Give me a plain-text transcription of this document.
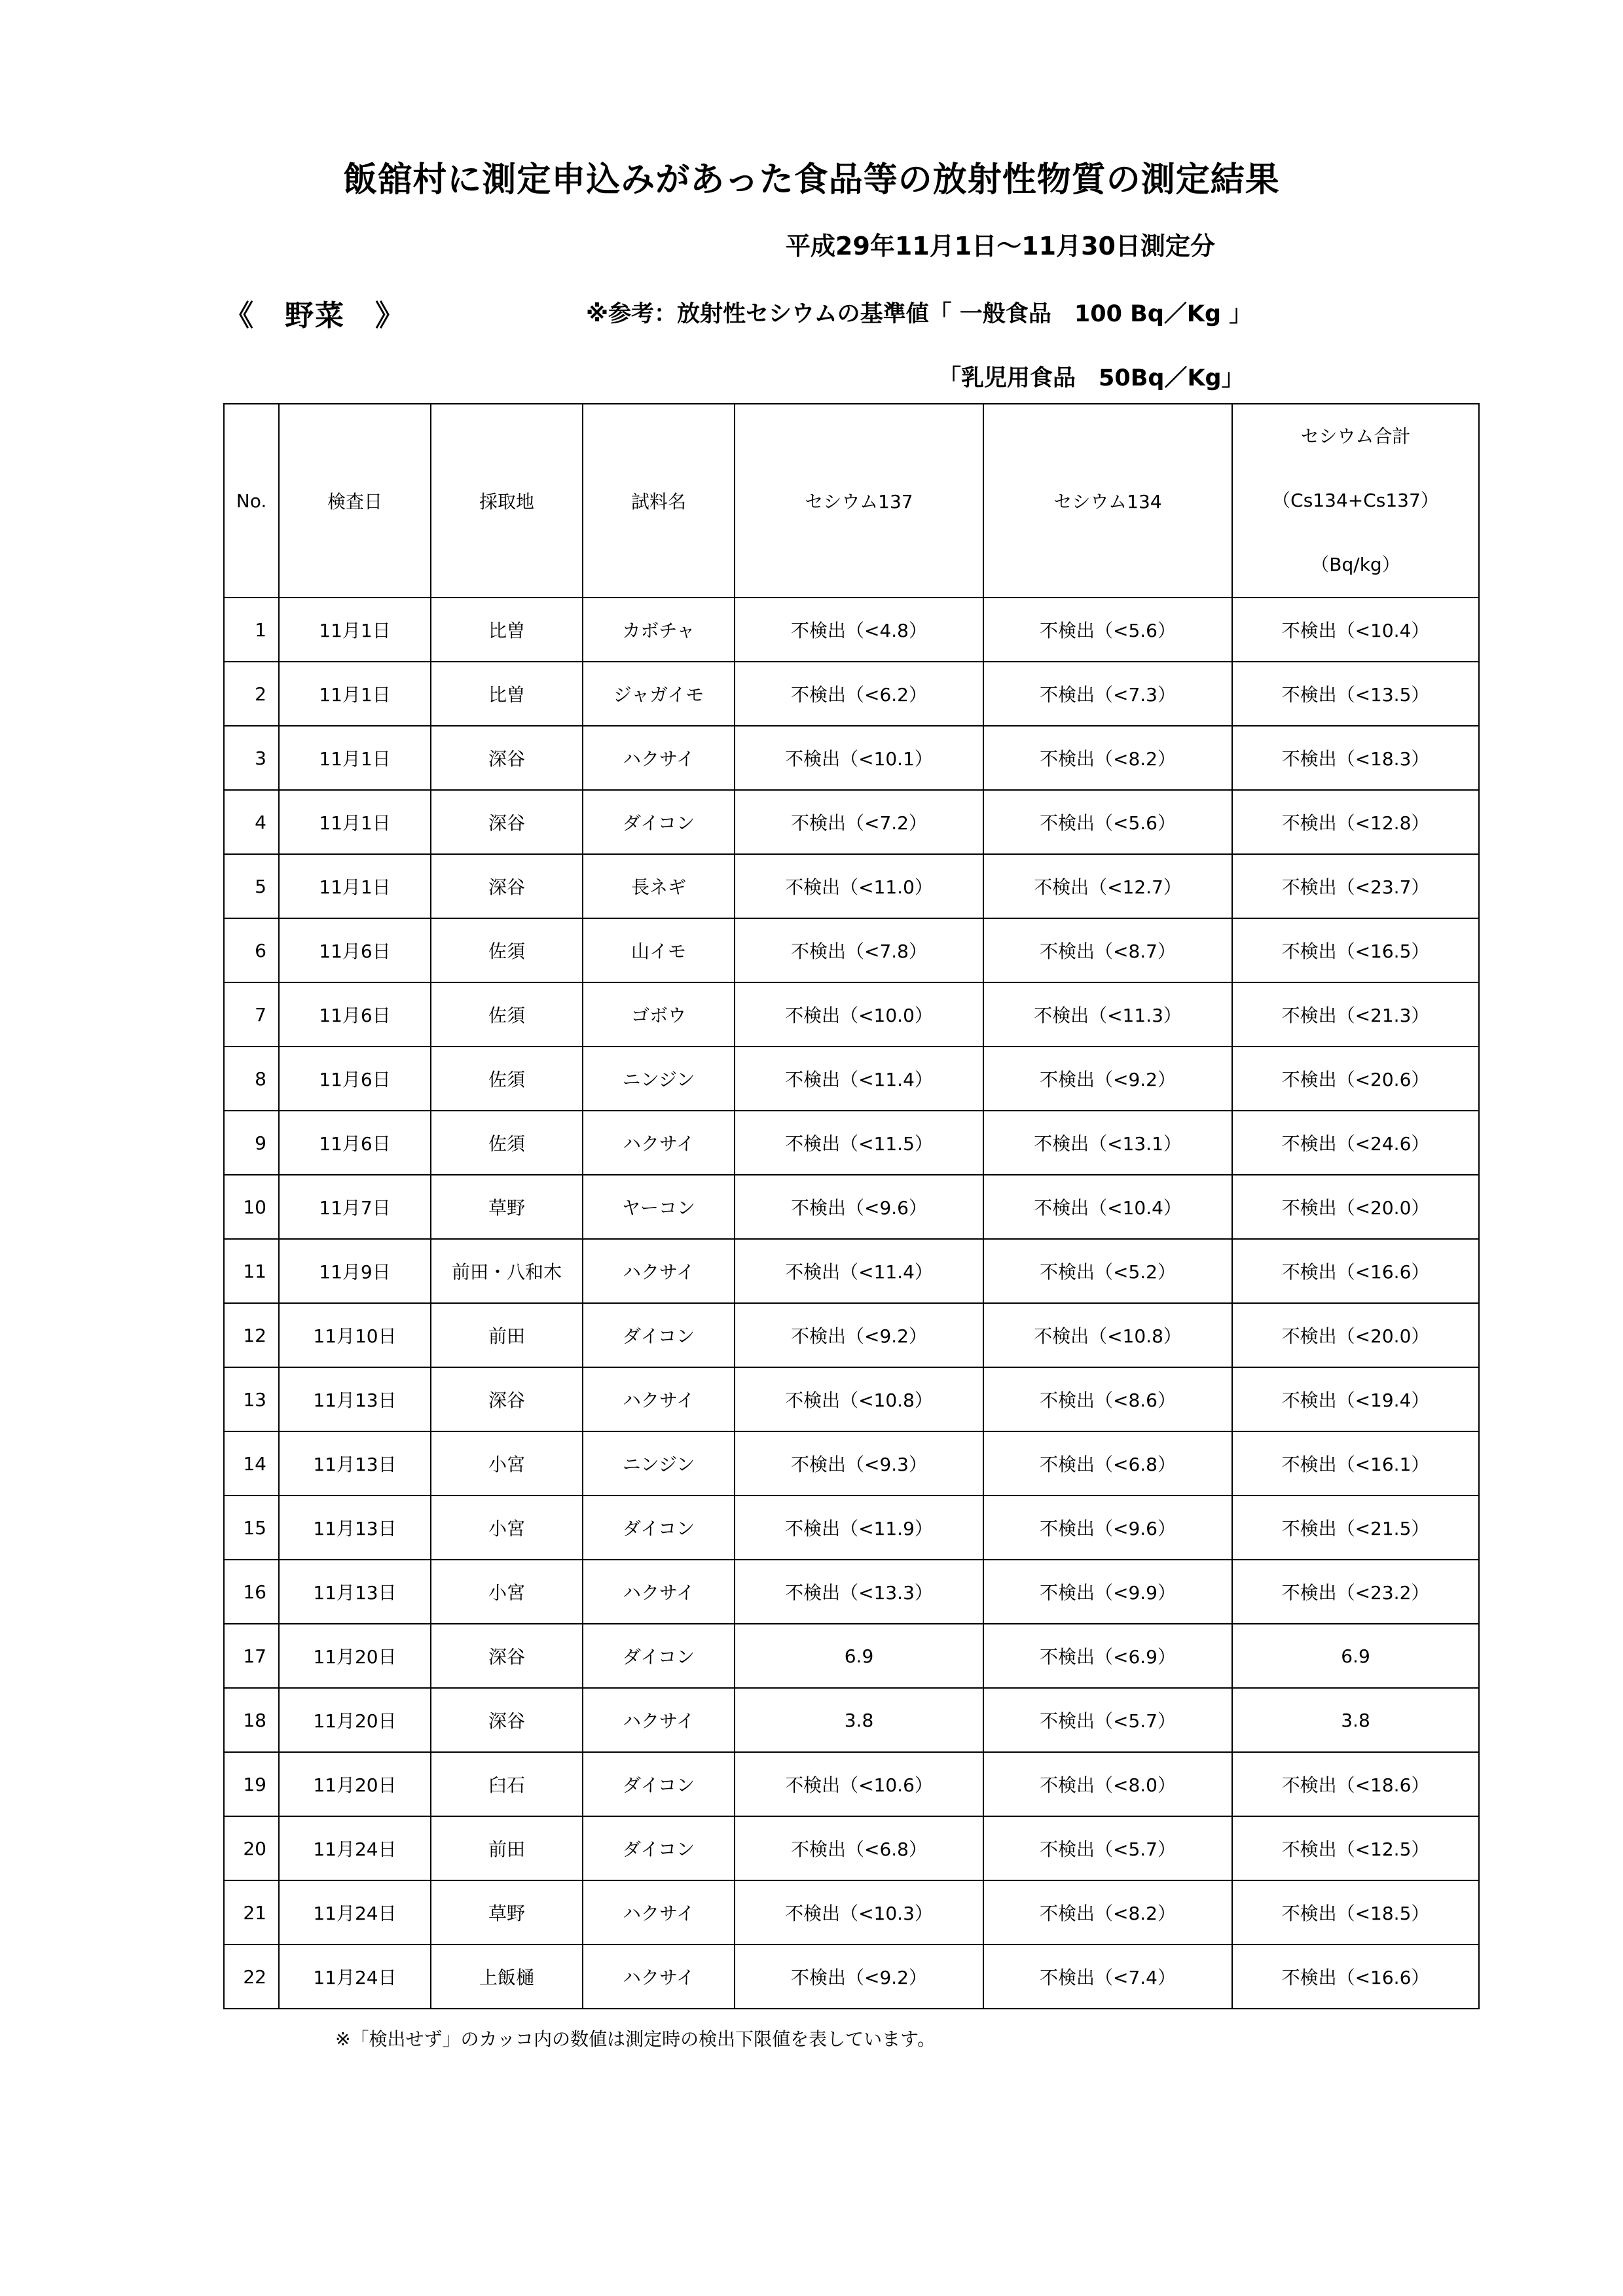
飯舘村に測定申込みがあった食品等の放射性物質の測定結果
平成29年11月1日～11月30日測定分
《　野菜　》	※参考：放射性セシウムの基準値「 一般食品　100 Bq／Kg 」
「乳児用食品　50Bq／Kg」
No.	検査日	採取地	試料名	セシウム137	セシウム134	セシウム合計
（Cs134+Cs137）
（Bq/kg）

1	11月1日	比曽	カボチャ	不検出（<4.8）	不検出（<5.6）	不検出（<10.4）
2	11月1日	比曽	ジャガイモ	不検出（<6.2）	不検出（<7.3）	不検出（<13.5）
3	11月1日	深谷	ハクサイ	不検出（<10.1）	不検出（<8.2）	不検出（<18.3）
4	11月1日	深谷	ダイコン	不検出（<7.2）	不検出（<5.6）	不検出（<12.8）
5	11月1日	深谷	長ネギ	不検出（<11.0）	不検出（<12.7）	不検出（<23.7）
6	11月6日	佐須	山イモ	不検出（<7.8）	不検出（<8.7）	不検出（<16.5）
7	11月6日	佐須	ゴボウ	不検出（<10.0）	不検出（<11.3）	不検出（<21.3）
8	11月6日	佐須	ニンジン	不検出（<11.4）	不検出（<9.2）	不検出（<20.6）
9	11月6日	佐須	ハクサイ	不検出（<11.5）	不検出（<13.1）	不検出（<24.6）
10	11月7日	草野	ヤーコン	不検出（<9.6）	不検出（<10.4）	不検出（<20.0）
11	11月9日	前田・八和木	ハクサイ	不検出（<11.4）	不検出（<5.2）	不検出（<16.6）
12	11月10日	前田	ダイコン	不検出（<9.2）	不検出（<10.8）	不検出（<20.0）
13	11月13日	深谷	ハクサイ	不検出（<10.8）	不検出（<8.6）	不検出（<19.4）
14	11月13日	小宮	ニンジン	不検出（<9.3）	不検出（<6.8）	不検出（<16.1）
15	11月13日	小宮	ダイコン	不検出（<11.9）	不検出（<9.6）	不検出（<21.5）
16	11月13日	小宮	ハクサイ	不検出（<13.3）	不検出（<9.9）	不検出（<23.2）
17	11月20日	深谷	ダイコン	6.9	不検出（<6.9）	6.9
18	11月20日	深谷	ハクサイ	3.8	不検出（<5.7）	3.8
19	11月20日	臼石	ダイコン	不検出（<10.6）	不検出（<8.0）	不検出（<18.6）
20	11月24日	前田	ダイコン	不検出（<6.8）	不検出（<5.7）	不検出（<12.5）
21	11月24日	草野	ハクサイ	不検出（<10.3）	不検出（<8.2）	不検出（<18.5）
22	11月24日	上飯樋	ハクサイ	不検出（<9.2）	不検出（<7.4）	不検出（<16.6）
※「検出せず」のカッコ内の数値は測定時の検出下限値を表しています。
